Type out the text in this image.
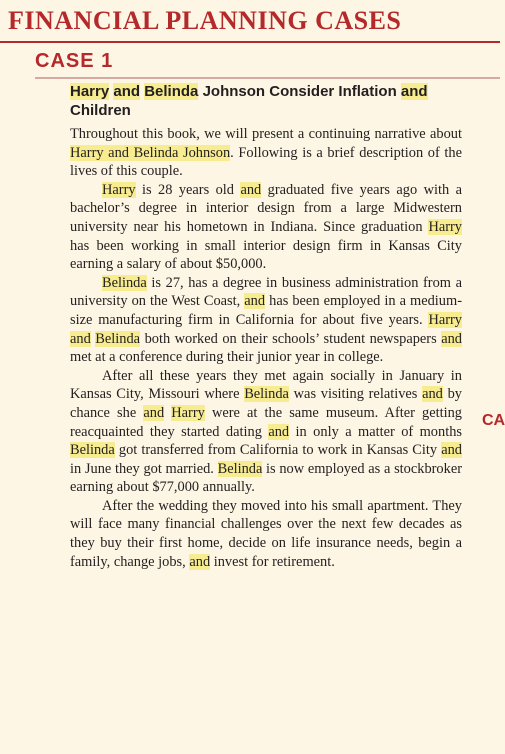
FINANCIAL PLANNING CASES
CASE 1
Harry and Belinda Johnson Consider Inflation and Children

Throughout this book, we will present a continuing narrative about Harry and Belinda Johnson. Following is a brief description of the lives of this couple.

Harry is 28 years old and graduated five years ago with a bachelor’s degree in interior design from a large Midwestern university near his hometown in Indiana. Since graduation Harry has been working in small interior design firm in Kansas City earning a salary of about $50,000.

Belinda is 27, has a degree in business administration from a university on the West Coast, and has been employed in a medium-size manufacturing firm in California for about five years. Harry and Belinda both worked on their schools’ student newspapers and met at a conference during their junior year in college.

After all these years they met again socially in January in Kansas City, Missouri where Belinda was visiting relatives and by chance she and Harry were at the same museum. After getting reacquainted they started dating and in only a matter of months Belinda got transferred from California to work in Kansas City and in June they got married. Belinda is now employed as a stockbroker earning about $77,000 annually.

After the wedding they moved into his small apartment. They will face many financial challenges over the next few decades as they buy their first home, decide on life insurance needs, begin a family, change jobs, and invest for retirement.

CA
